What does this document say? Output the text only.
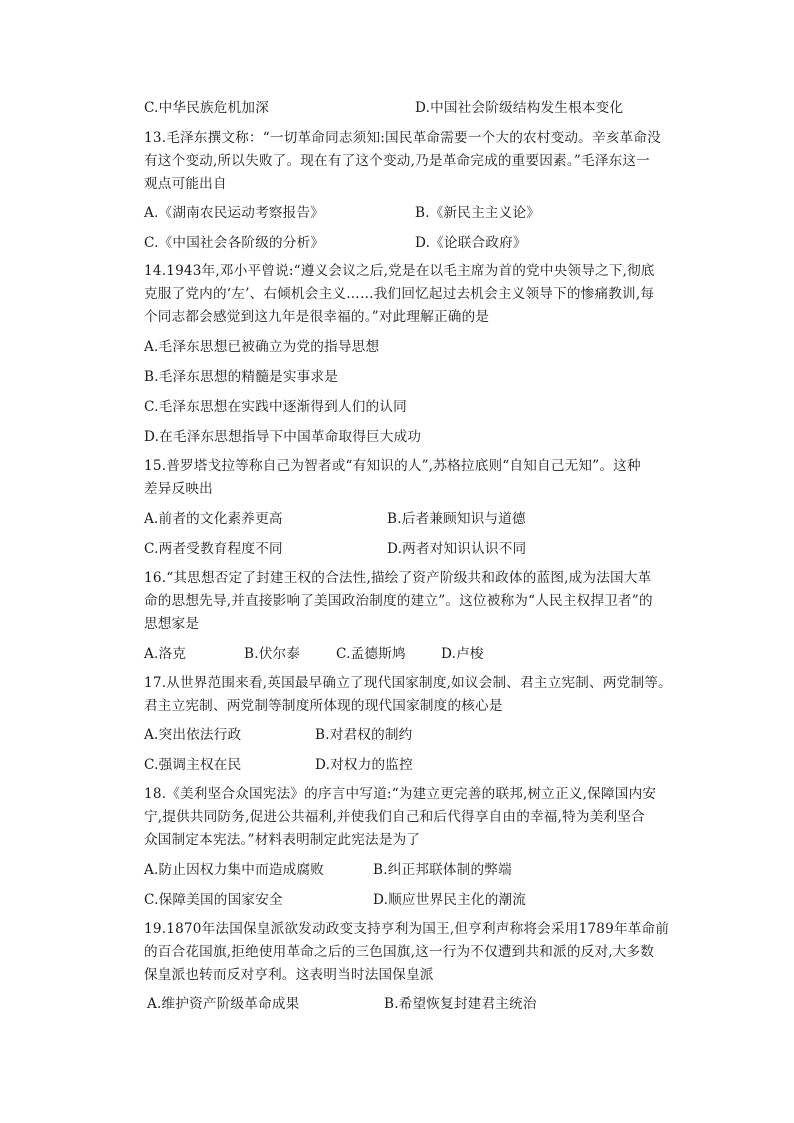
C.中华民族危机加深	D.中国社会阶级结构发生根本变化
13.毛泽东撰文称：“一切革命同志须知:国民革命需要一个大的农村变动。辛亥革命没
有这个变动,所以失败了。现在有了这个变动,乃是革命完成的重要因素。”毛泽东这一
观点可能出自
A.《湖南农民运动考察报告》	B.《新民主主义论》
C.《中国社会各阶级的分析》	D.《论联合政府》
14.1943年,邓小平曾说:“遵义会议之后,党是在以毛主席为首的党中央领导之下,彻底
克服了党内的‘左’、右倾机会主义……我们回忆起过去机会主义领导下的惨痛教训,每
个同志都会感觉到这九年是很幸福的。”对此理解正确的是
A.毛泽东思想已被确立为党的指导思想
B.毛泽东思想的精髓是实事求是
C.毛泽东思想在实践中逐渐得到人们的认同
D.在毛泽东思想指导下中国革命取得巨大成功
15.普罗塔戈拉等称自己为智者或“有知识的人”,苏格拉底则“自知自己无知”。这种
差异反映出
A.前者的文化素养更高	B.后者兼顾知识与道德
C.两者受教育程度不同	D.两者对知识认识不同
16.“其思想否定了封建王权的合法性,描绘了资产阶级共和政体的蓝图,成为法国大革
命的思想先导,并直接影响了美国政治制度的建立”。这位被称为“人民主权捍卫者”的
思想家是
A.洛克	B.伏尔泰	C.孟德斯鸠	D.卢梭
17.从世界范围来看,英国最早确立了现代国家制度,如议会制、君主立宪制、两党制等。
君主立宪制、两党制等制度所体现的现代国家制度的核心是
A.突出依法行政	B.对君权的制约
C.强调主权在民	D.对权力的监控
18.《美利坚合众国宪法》的序言中写道:“为建立更完善的联邦,树立正义,保障国内安
宁,提供共同防务,促进公共福利,并使我们自己和后代得享自由的幸福,特为美利坚合
众国制定本宪法。”材料表明制定此宪法是为了
A.防止因权力集中而造成腐败	B.纠正邦联体制的弊端
C.保障美国的国家安全	D.顺应世界民主化的潮流
19.1870年法国保皇派欲发动政变支持亨利为国王,但亨利声称将会采用1789年革命前
的百合花国旗,拒绝使用革命之后的三色国旗,这一行为不仅遭到共和派的反对,大多数
保皇派也转而反对亨利。这表明当时法国保皇派
A.维护资产阶级革命成果	B.希望恢复封建君主统治
